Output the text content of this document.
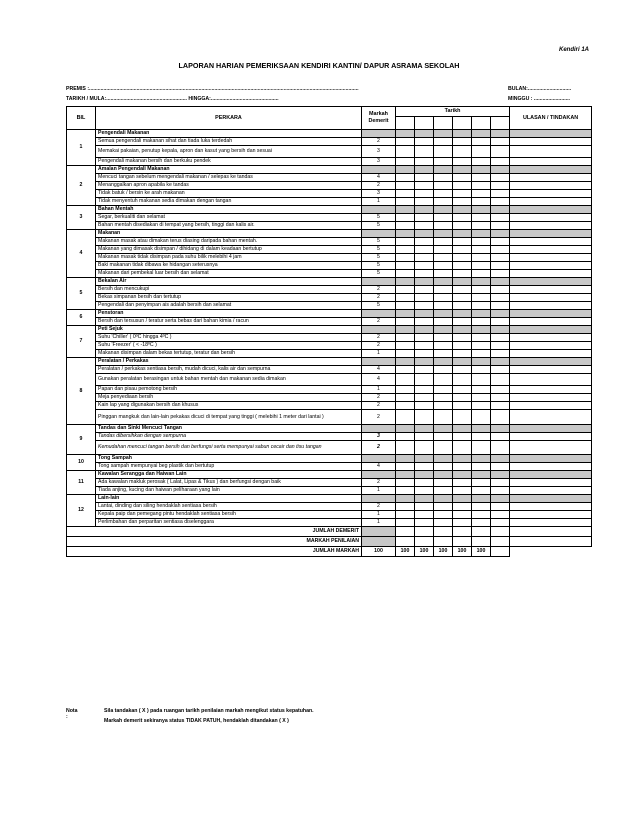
Kendiri 1A
LAPORAN HARIAN PEMERIKSAAN KENDIRI KANTIN/ DAPUR ASRAMA SEKOLAH
PREMIS :...........................................................................................................................................................................................	BULAN:..............................
TARIKH / MULA:........................................................ HINGGA:...............................................	MINGGU : .........................
BIL	PERKARA	Markah Demerit	Tarikh						ULASAN / TINDAKAN

1	Pengendali Makanan								
	Semua pengendali makanan sihat dan tiada luka terdedah	2							
	Memakai pakaian, penutup kepala, apron dan kasut yang bersih dan sesuai	3							
	Pengendali makanan bersih dan berkuku pendek	3							
2	Amalan Pengendali Makanan								
	Mencuci tangan sebelum mengendali makanan / selepas ke tandas	4							
	Menanggalkan apron apabila ke tandas	2							
	Tidak batuk / bersin ke arah makanan	3							
	Tidak menyentuh makanan sedia dimakan dengan tangan	1							
3	Bahan Mentah								
	Segar, berkualiti dan selamat	5							
	Bahan mentah disediakan di tempat yang bersih, tinggi dan kalis air.	5							
4	Makanan								
	Makanan masak atau dimakan terus diasing daripada bahan mentah.	5							
	Makanan yang dimasak disimpan / dihidang di dalam keadaan bertutup	5							
	Makanan masak tidak disimpan pada suhu bilik melebihi 4 jam	5							
	Baki makanan tidak dibawa ke hidangan seterusnya	5							
	Makanan dari pembekal luar bersih dan selamat	5							
5	Bekalan Air								
	Bersih dan mencukupi	2							
	Bekas simpanan bersih dan tertutup	2							
	Pengendali dan penyimpan ais adalah bersih dan selamat	5							
6	Penstoran								
	Bersih dan tersusun / teratur serta bebas dari bahan kimia / racun	2							
7	Peti Sejuk								
	Suhu 'Chiller' ( 0ºC hingga 4ºC )	2							
	Suhu 'Freezer' ( < -18ºC )	2							
	Makanan disimpan dalam bekas tertutup, teratur dan bersih	1							
8	Peralatan / Perkakas								
	Peralatan / perkakas sentiasa bersih, mudah dicuci, kalis air dan sempurna	4							
	Gunakan peralatan berasingan untuk bahan mentah dan makanan sedia dimakan	4							
	Papan dan pisau pemotong bersih	1							
	Meja penyediaan bersih	2							
	Kain lap yang digunakan bersih dan khusus	2							
	Pinggan mangkuk dan lain-lain pekakas dicuci di tempat yang tinggi ( melebihi 1 meter dari lantai )	2							
9	Tandas dan Sinki Mencuci Tangan								
	Tandas dibersihkan dengan sempurna	3							
	Kemudahan mencuci tangan bersih dan berfungsi serta mempunyai sabun cecair dan tisu tangan	2							
10	Tong Sampah								
	Tong sampah mempunyai beg plastik dan bertutup	4							
11	Kawalan Serangga dan Haiwan Lain								
	Ada kawalan makluk perosak ( Lalat, Lipas & Tikus ) dan berfungsi dengan baik	2							
	Tiada anjing, kucing dan haiwan peliharaan yang lain	1							
12	Lain-lain								
	Lantai, dinding dan siling hendaklah sentiasa bersih	2							
	Kepala paip dan pemegang pintu hendaklah sentiasa bersih	1							
	Perlimbahan dan perparitan sentiasa diselenggara	1							
JUMLAH DEMERIT									
MARKAH PENILAIAN									
JUMLAH MARKAH		100	100	100	100	100	100		
Nota :
Sila tandakan ( X ) pada ruangan tarikh penilaian markah mengikut status kepatuhan.
Markah demerit sekiranya status TIDAK PATUH, hendaklah ditandakan ( X )
